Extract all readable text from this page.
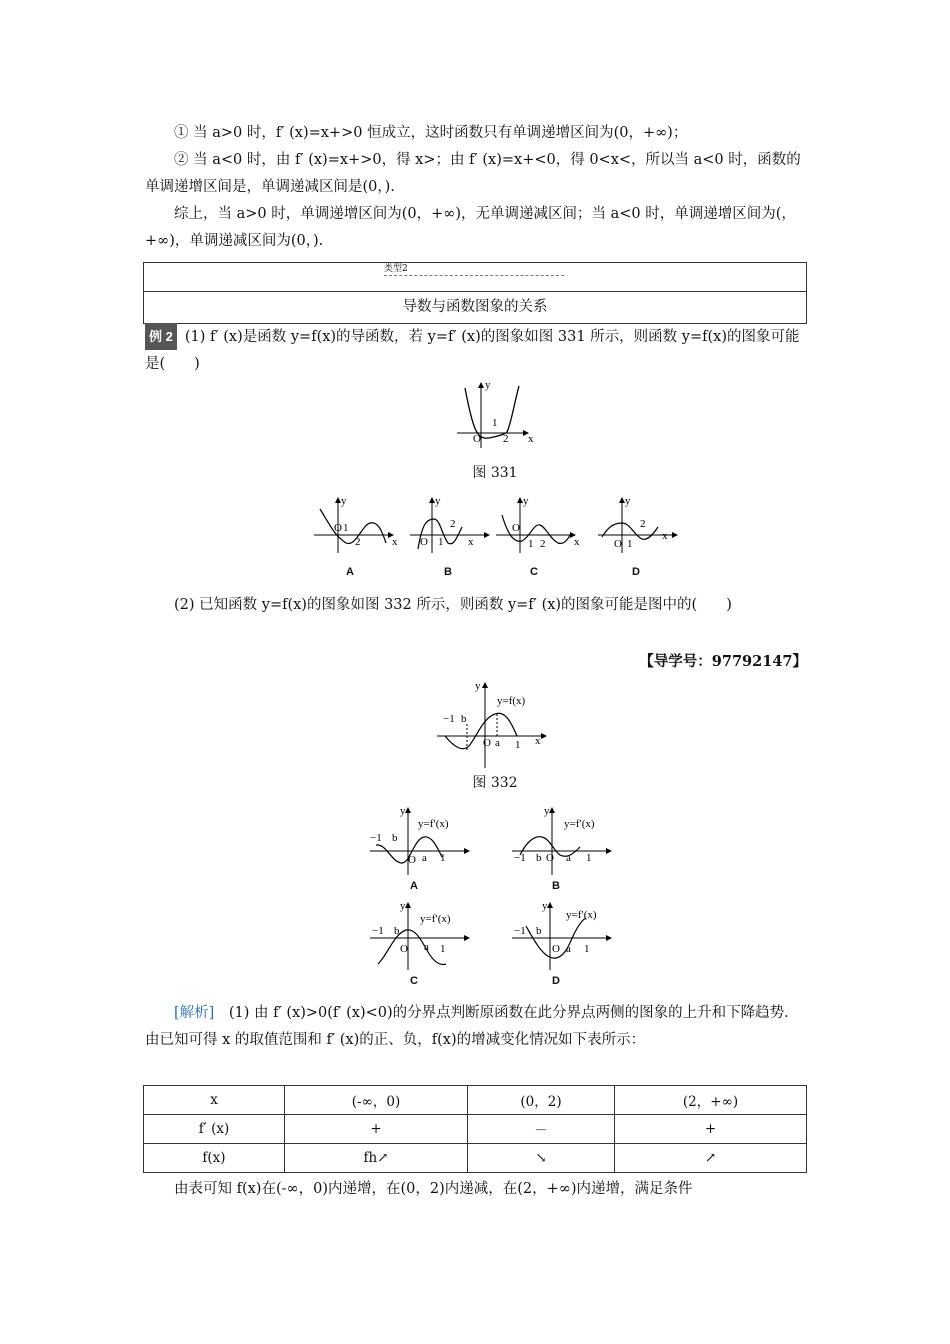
① 当 a>0 时，f′ (x)=x+>0 恒成立，这时函数只有单调递增区间为(0，+∞)；
② 当 a<0 时，由 f′ (x)=x+>0，得 x>；由 f′ (x)=x+<0，得 0<x<，所以当 a<0 时，函数的单调递增区间是，单调递减区间是(0，).
综上，当 a>0 时，单调递增区间为(0，+∞)，无单调递减区间；当 a<0 时，单调递增区间为(，+∞)，单调递减区间为(0，).
类型2
导数与函数图象的关系
例 2 (1) f′ (x)是函数 y=f(x)的导函数，若 y=f′ (x)的图象如图 331 所示，则函数 y=f(x)的图象可能是(　　)
y
x
O
1
2
图 331
y
x
O 1
2
A
y
x
O 1
2
B
y
x
O
1 2
C
y
x
O 1
2
D
(2) 已知函数 y=f(x)的图象如图 332 所示，则函数 y=f′ (x)的图象可能是图中的(　　)
【导学号：97792147】
y
x
y=f(x)
−1 b
O a 1
图 332
y
y=f′(x)
−1 b
O a 1
A
y
y=f′(x)
−1 b O a 1
B
y
y=f′(x)
−1 b
O a 1
C
y
y=f′(x)
−1 b
O a 1
D
[解析]　 (1) 由 f′ (x)>0(f′ (x)<0)的分界点判断原函数在此分界点两侧的图象的上升和下降趋势．由已知可得 x 的取值范围和 f′ (x)的正、负，f(x)的增减变化情况如下表所示：
x	(-∞，0)	(0，2)	(2，+∞)
f′ (x)	+	－	+
f(x)	fh↗	↘	↗
由表可知 f(x)在(-∞，0)内递增，在(0，2)内递减，在(2，+∞)内递增，满足条件
